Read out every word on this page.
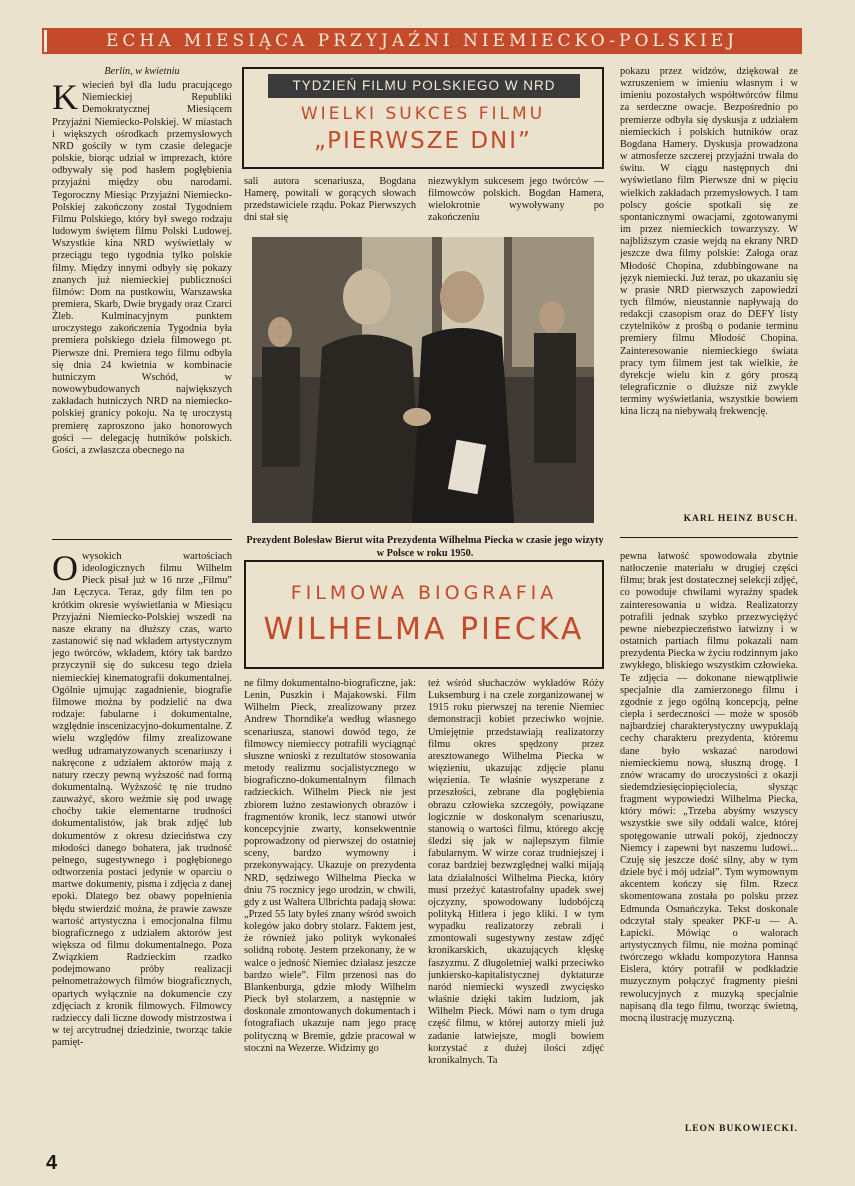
ECHA MIESIĄCA PRZYJAŹNI NIEMIECKO-POLSKIEJ
Berlin, w kwietniu
K wiecień był dla ludu pracującego Niemieckiej Republiki Demokratycznej Miesiącem Przyjaźni Niemiecko-Polskiej. W miastach i większych ośrodkach przemysłowych NRD gościły w tym czasie delegacje polskie, biorąc udział w imprezach, które odbywały się pod hasłem pogłębienia przyjaźni między obu narodami. Tegoroczny Miesiąc Przyjaźni Niemiecko-Polskiej zakończony został Tygodniem Filmu Polskiego, który był swego rodzaju ludowym świętem filmu Polski Ludowej. Wszystkie kina NRD wyświetlały w przeciągu tego tygodnia tylko polskie filmy. Między innymi odbyły się pokazy znanych już niemieckiej publiczności filmów: Dom na pustkowiu, Warszawska premiera, Skarb, Dwie brygady oraz Czarci Żleb. Kulminacyjnym punktem uroczystego zakończenia Tygodnia była premiera polskiego dzieła filmowego pt. Pierwsze dni. Premiera tego filmu odbyła się dnia 24 kwietnia w kombinacie hutniczym Wschód, w nowowybudowanych największych zakładach hutniczych NRD na niemiecko-polskiej granicy pokoju. Na tę uroczystą premierę zaproszono jako honorowych gości — delegację hutników polskich. Gości, a zwłaszcza obecnego na
TYDZIEŃ FILMU POLSKIEGO W NRD
WIELKI SUKCES FILMU
„PIERWSZE DNI”
sali autora scenariusza, Bogdana Hamerę, powitali w gorących słowach przedstawiciele rządu. Pokaz Pierwszych dni stał się
niezwykłym sukcesem jego twórców — filmowców polskich. Bogdan Hamera, wielokrotnie wywoływany po zakończeniu
pokazu przez widzów, dziękował ze wzruszeniem w imieniu własnym i w imieniu pozostałych współtwórców filmu za serdeczne owacje. Bezpośrednio po premierze odbyła się dyskusja z udziałem niemieckich i polskich hutników oraz Bogdana Hamery. Dyskusja prowadzona w atmosferze szczerej przyjaźni trwała do świtu. W ciągu następnych dni wyświetlano film Pierwsze dni w pięciu wielkich zakładach przemysłowych. I tam polscy goście spotkali się ze spontanicznymi owacjami, zgotowanymi im przez niemieckich towarzyszy. W najbliższym czasie wejdą na ekrany NRD jeszcze dwa filmy polskie: Załoga oraz Młodość Chopina, zdubbingowane na język niemiecki. Już teraz, po ukazaniu się w prasie NRD pierwszych zapowiedzi tych filmów, nieustannie napływają do redakcji czasopism oraz do DEFY listy czytelników z prośbą o podanie terminu premiery filmu Młodość Chopina. Zainteresowanie niemieckiego świata pracy tym filmem jest tak wielkie, że dyrekcje wielu kin z góry proszą telegraficznie o dłuższe niż zwykle terminy wyświetlania, wszystkie bowiem kina liczą na niebywałą frekwencję.
KARL HEINZ BUSCH.
Prezydent Bolesław Bierut wita Prezydenta Wilhelma Piecka w czasie jego wizyty w Polsce w roku 1950.
FILMOWA BIOGRAFIA
WILHELMA PIECKA
Owysokich wartościach ideologicznych filmu Wilhelm Pieck pisał już w 16 nrze „Filmu” Jan Łęczyca. Teraz, gdy film ten po krótkim okresie wyświetlania w Miesiącu Przyjaźni Niemiecko-Polskiej wszedł na nasze ekrany na dłuższy czas, warto zastanowić się nad wkładem artystycznym jego twórców, wkładem, który tak bardzo przyczynił się do sukcesu tego dzieła niemieckiej kinematografii dokumentalnej. Ogólnie ujmując zagadnienie, biografie filmowe można by podzielić na dwa rodzaje: fabularne i dokumentalne, względnie inscenizacyjno-dokumentalne. Z wielu względów filmy zrealizowane według udramatyzowanych scenariuszy i nakręcone z udziałem aktorów mają z natury rzeczy pewną wyższość nad formą dokumentalną. Wyższość tę nie trudno zauważyć, skoro weźmie się pod uwagę choćby takie elementarne trudności dokumentalistów, jak brak zdjęć lub dokumentów z okresu dzieciństwa czy młodości danego bohatera, jak trudność pełnego, sugestywnego i pogłębionego odtworzenia postaci jedynie w oparciu o martwe dokumenty, pisma i zdjęcia z danej epoki. Dlatego bez obawy popełnienia błędu stwierdzić można, że prawie zawsze wartość artystyczna i emocjonalna filmu biograficznego z udziałem aktorów jest większa od filmu dokumentalnego. Poza Związkiem Radzieckim rzadko podejmowano próby realizacji pełnometrażowych filmów biograficznych, opartych wyłącznie na dokumencie czy zdjęciach z kronik filmowych. Filmowcy radzieccy dali liczne dowody mistrzostwa i w tej arcytrudnej dziedzinie, tworząc takie pamięt-
ne filmy dokumentalno-biograficzne, jak: Lenin, Puszkin i Majakowski. Film Wilhelm Pieck, zrealizowany przez Andrew Thorndike'a według własnego scenariusza, stanowi dowód tego, że filmowcy niemieccy potrafili wyciągnąć słuszne wnioski z rezultatów stosowania metody realizmu socjalistycznego w biograficzno-dokumentalnym filmach radzieckich. Wilhelm Pieck nie jest zbiorem luźno zestawionych obrazów i fragmentów kronik, lecz stanowi utwór koncepcyjnie zwarty, konsekwentnie poprowadzony od pierwszej do ostatniej sceny, bardzo wymowny i przekonywający. Ukazuje on prezydenta NRD, sędziwego Wilhelma Piecka w dniu 75 rocznicy jego urodzin, w chwili, gdy z ust Waltera Ulbrichta padają słowa: „Przed 55 laty byłeś znany wśród swoich kolegów jako dobry stolarz. Faktem jest, że również jako polityk wykonałeś solidną robotę. Jestem przekonany, że w walce o jedność Niemiec działasz jeszcze bardzo wiele”. Film przenosi nas do Blankenburga, gdzie młody Wilhelm Pieck był stolarzem, a następnie w doskonale zmontowanych dokumentach i fotografiach ukazuje nam jego pracę polityczną w Bremie, gdzie pracował w stoczni na Wezerze. Widzimy go
też wśród słuchaczów wykładów Róży Luksemburg i na czele zorganizowanej w 1915 roku pierwszej na terenie Niemiec demonstracji kobiet przeciwko wojnie. Umiejętnie przedstawiają realizatorzy filmu okres spędzony przez aresztowanego Wilhelma Piecka w więzieniu, ukazując zdjęcie planu więzienia. Te właśnie wyszperane z przeszłości, zebrane dla pogłębienia obrazu człowieka szczegóły, powiązane logicznie w doskonałym scenariuszu, stanowią o wartości filmu, którego akcję śledzi się jak w najlepszym filmie fabularnym. W wirze coraz trudniejszej i coraz bardziej bezwzględnej walki mijają lata działalności Wilhelma Piecka, który musi przeżyć katastrofalny upadek swej ojczyzny, spowodowany ludobójczą polityką Hitlera i jego kliki. I w tym wypadku realizatorzy zebrali i zmontowali sugestywny zestaw zdjęć kronikarskich, ukazujących klęskę faszyzmu. Z długoletniej walki przeciwko junkiersko-kapitalistycznej dyktaturze naród niemiecki wyszedł zwycięsko właśnie dzięki takim ludziom, jak Wilhelm Pieck. Mówi nam o tym druga część filmu, w której autorzy mieli już zadanie łatwiejsze, mogli bowiem korzystać z dużej ilości zdjęć kronikalnych. Ta
pewna łatwość spowodowała zbytnie natłoczenie materiału w drugiej części filmu; brak jest dostatecznej selekcji zdjęć, co powoduje chwilami wyraźny spadek zainteresowania u widza. Realizatorzy potrafili jednak szybko przezwyciężyć pewne niebezpieczeństwo łatwizny i w ostatnich partiach filmu pokazali nam prezydenta Piecka w życiu rodzinnym jako zwykłego, bliskiego wszystkim człowieka. Te zdjęcia — dokonane niewątpliwie specjalnie dla zamierzonego filmu i zgodnie z jego ogólną koncepcją, pełne ciepła i serdeczności — może w sposób najbardziej charakterystyczny uwypuklają cechy charakteru prezydenta, któremu dane było wskazać narodowi niemieckiemu nową, słuszną drogę. I znów wracamy do uroczystości z okazji siedemdziesięciopięciolecia, słysząc fragment wypowiedzi Wilhelma Piecka, który mówi: „Trzeba abyśmy wszyscy wszystkie swe siły oddali walce, której spotęgowanie utrwali pokój, zjednoczy Niemcy i zapewni byt naszemu ludowi... Czuję się jeszcze dość silny, aby w tym dziele być i mój udział”. Tym wymownym akcentem kończy się film. Rzecz skomentowana została po polsku przez Edmunda Osmańczyka. Tekst doskonale odczytał stały speaker PKF-u — A. Łapicki. Mówiąc o walorach artystycznych filmu, nie można pominąć twórczego wkładu kompozytora Hannsa Eislera, który potrafił w podkładzie muzycznym połączyć fragmenty pieśni rewolucyjnych z muzyką specjalnie napisaną dla tego filmu, tworząc świetną, mocną ilustrację muzyczną.
LEON BUKOWIECKI.
4
